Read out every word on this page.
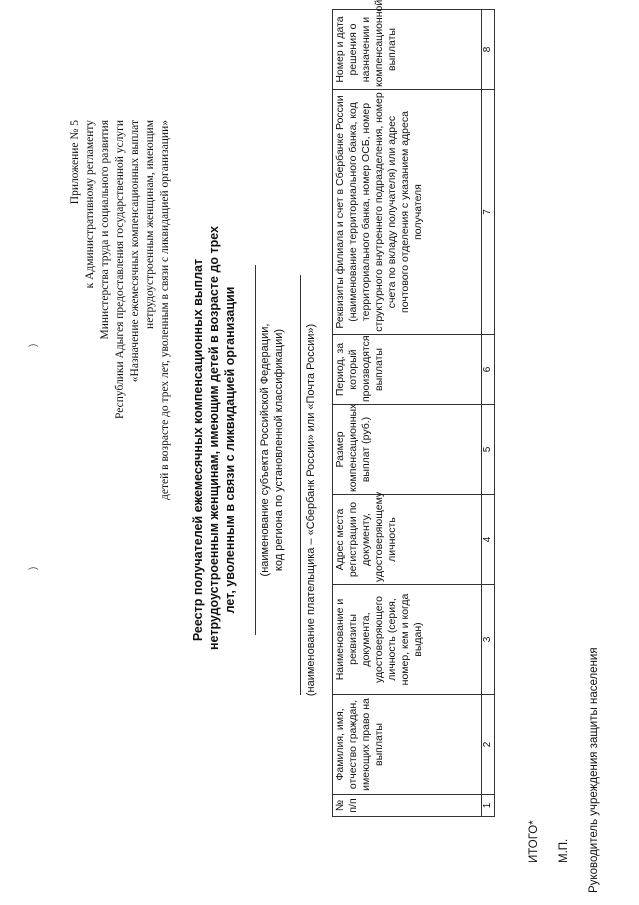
Приложение № 5 к Административному регламенту Министерства труда и социального развития Республики Адыгея предоставления государственной услуги «Назначение ежемесячных компенсационных выплат нетрудоустроенным женщинам, имеющим детей в возрасте до трех лет, уволенным в связи с ликвидацией организации» Реестр получателей ежемесячных компенсационных выплат нетрудоустроенным женщинам, имеющим детей в возрасте до трех лет, уволенным в связи с ликвидацией организации (наименование субъекта Российской Федерации, код региона по установленной классификации) (наименование плательщика – «Сбербанк России» или «Почта России»)
№ п/п	Фамилия, имя, отчество граждан, имеющих право на выплаты	Наименование и реквизиты документа, удостоверяющего личность (серия, номер, кем и когда выдан)	Адрес места регистрации по документу, удостоверяющему личность	Размер компенсационных выплат (руб.)	Период, за который производятся выплаты	Реквизиты филиала и счет в Сбербанке России (наименование территориального банка, код территориального банка, номер ОСБ, номер структурного внутреннего подразделения, номер счета по вкладу получателя) или адрес почтового отделения с указанием адреса получателя	Номер и дата решения о назначении и компенсационной выплаты
1	2	3	4	5	6	7	8
ИТОГО* М.П. Руководитель учреждения защиты населения
)
)
